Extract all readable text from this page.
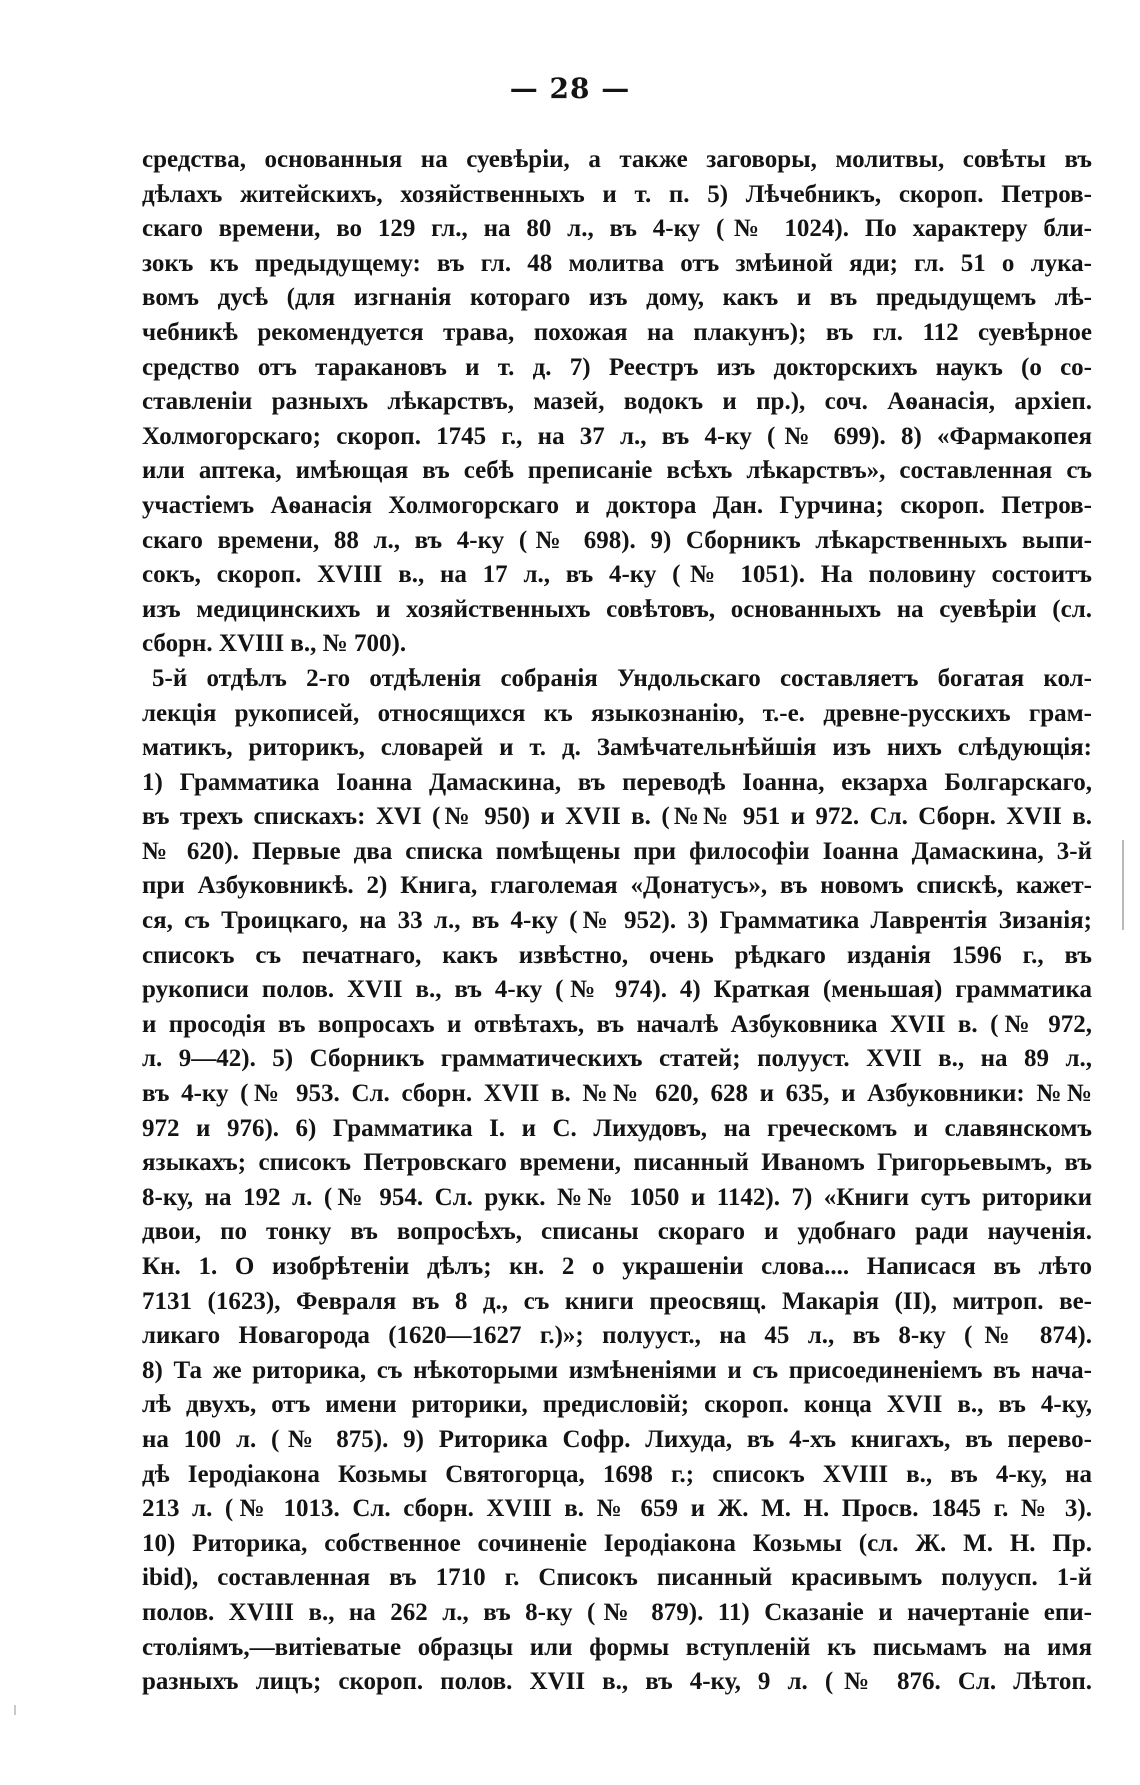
— 28 —
средства, основанныя на суевѣріи, а также заговоры, молитвы, совѣты въ
дѣлахъ житейскихъ, хозяйственныхъ и т. п. 5) Лѣчебникъ, скороп. Петров-
скаго времени, во 129 гл., на 80 л., въ 4-ку (№ 1024). По характеру бли-
зокъ къ предыдущему: въ гл. 48 молитва отъ змѣиной яди; гл. 51 о лука-
вомъ дусѣ (для изгнанія котораго изъ дому, какъ и въ предыдущемъ лѣ-
чебникѣ рекомендуется трава, похожая на плакунъ); въ гл. 112 суевѣрное
средство отъ таракановъ и т. д. 7) Реестръ изъ докторскихъ наукъ (о со-
ставленіи разныхъ лѣкарствъ, мазей, водокъ и пр.), соч. Аѳанасія, архіеп.
Холмогорскаго; скороп. 1745 г., на 37 л., въ 4-ку (№ 699). 8) «Фармакопея
или аптека, имѣющая въ себѣ преписаніе всѣхъ лѣкарствъ», составленная съ
участіемъ Аѳанасія Холмогорскаго и доктора Дан. Гурчина; скороп. Петров-
скаго времени, 88 л., въ 4-ку (№ 698). 9) Сборникъ лѣкарственныхъ выпи-
сокъ, скороп. XVIII в., на 17 л., въ 4-ку (№ 1051). На половину состоитъ
изъ медицинскихъ и хозяйственныхъ совѣтовъ, основанныхъ на суевѣріи (сл.
сборн. XVIII в., № 700).
5-й отдѣлъ 2-го отдѣленія собранія Ундольскаго составляетъ богатая кол-
лекція рукописей, относящихся къ языкознанію, т.-е. древне-русскихъ грам-
матикъ, риторикъ, словарей и т. д. Замѣчательнѣйшія изъ нихъ слѣдующія:
1) Грамматика Іоанна Дамаскина, въ переводѣ Іоанна, екзарха Болгарскаго,
въ трехъ спискахъ: XVI (№ 950) и XVII в. (№№ 951 и 972. Сл. Сборн. XVII в.
№ 620). Первые два списка помѣщены при философіи Іоанна Дамаскина, 3-й
при Азбуковникѣ. 2) Книга, глаголемая «Донатусъ», въ новомъ спискѣ, кажет-
ся, съ Троицкаго, на 33 л., въ 4-ку (№ 952). 3) Грамматика Лаврентія Зизанія;
списокъ съ печатнаго, какъ извѣстно, очень рѣдкаго изданія 1596 г., въ
рукописи полов. XVII в., въ 4-ку (№ 974). 4) Краткая (меньшая) грамматика
и просодія въ вопросахъ и отвѣтахъ, въ началѣ Азбуковника XVII в. (№ 972,
л. 9—42). 5) Сборникъ грамматическихъ статей; полууст. XVII в., на 89 л.,
въ 4-ку (№ 953. Сл. сборн. XVII в. №№ 620, 628 и 635, и Азбуковники: №№
972 и 976). 6) Грамматика І. и С. Лихудовъ, на греческомъ и славянскомъ
языкахъ; списокъ Петровскаго времени, писанный Иваномъ Григорьевымъ, въ
8-ку, на 192 л. (№ 954. Сл. рукк. №№ 1050 и 1142). 7) «Книги сутъ риторики
двои, по тонку въ вопросѣхъ, списаны скораго и удобнаго ради наученія.
Кн. 1. О изобрѣтеніи дѣлъ; кн. 2 о украшеніи слова.... Написася въ лѣто
7131 (1623), Февраля въ 8 д., съ книги преосвящ. Макарія (II), митроп. ве-
ликаго Новагорода (1620—1627 г.)»; полууст., на 45 л., въ 8-ку (№ 874).
8) Та же риторика, съ нѣкоторыми измѣненіями и съ присоединеніемъ въ нача-
лѣ двухъ, отъ имени риторики, предисловій; скороп. конца XVII в., въ 4-ку,
на 100 л. (№ 875). 9) Риторика Софр. Лихуда, въ 4-хъ книгахъ, въ перево-
дѣ Іеродіакона Козьмы Святогорца, 1698 г.; списокъ XVIII в., въ 4-ку, на
213 л. (№ 1013. Сл. сборн. XVIII в. № 659 и Ж. М. Н. Просв. 1845 г. № 3).
10) Риторика, собственное сочиненіе Іеродіакона Козьмы (сл. Ж. М. Н. Пр.
ibid), составленная въ 1710 г. Списокъ писанный красивымъ полуусп. 1-й
полов. XVIII в., на 262 л., въ 8-ку (№ 879). 11) Сказаніе и начертаніе епи-
століямъ,—витіеватые образцы или формы вступленій къ письмамъ на имя
разныхъ лицъ; скороп. полов. XVII в., въ 4-ку, 9 л. (№ 876. Сл. Лѣтоп.
